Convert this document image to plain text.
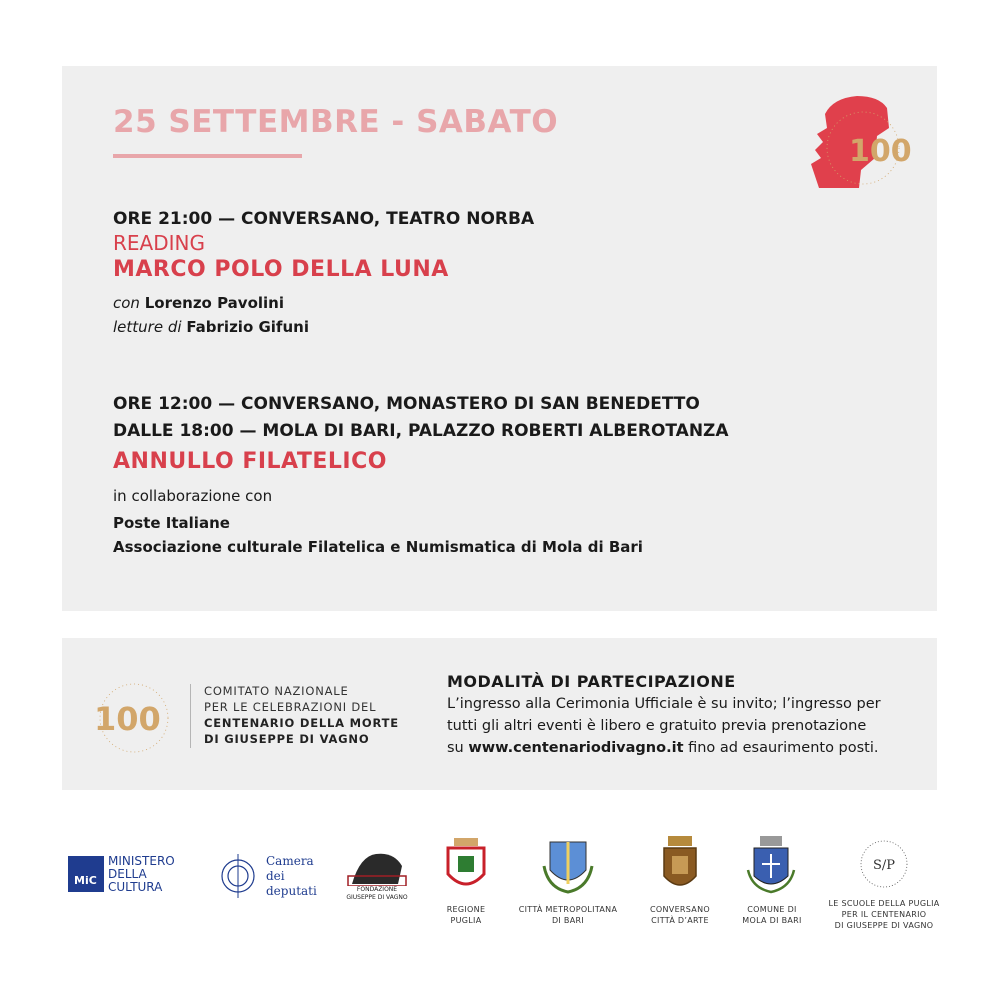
25 SETTEMBRE - SABATO
100
ORE 21:00 — CONVERSANO, TEATRO NORBA
READING
MARCO POLO DELLA LUNA
con Lorenzo Pavolini
letture di Fabrizio Gifuni
ORE 12:00 — CONVERSANO, MONASTERO DI SAN BENEDETTO
DALLE 18:00 — MOLA DI BARI, PALAZZO ROBERTI ALBEROTANZA
ANNULLO FILATELICO
in collaborazione con
Poste Italiane
Associazione culturale Filatelica e Numismatica di Mola di Bari
100
COMITATO NAZIONALE
PER LE CELEBRAZIONI DEL
CENTENARIO DELLA MORTE
DI GIUSEPPE DI VAGNO
MODALITÀ DI PARTECIPAZIONE
L’ingresso alla Cerimonia Ufficiale è su invito; l’ingresso per
tutti gli altri eventi è libero e gratuito previa prenotazione
su www.centenariodivagno.it fino ad esaurimento posti.
MiC
MINISTERO
DELLA
CULTURA
Camera
dei
deputati	FONDAZIONE
GIUSEPPE DI VAGNO
REGIONE
PUGLIA
CITTÀ METROPOLITANA
DI BARI
CONVERSANO
CITTÀ D’ARTE
COMUNE DI
MOLA DI BARI
S/P
LE SCUOLE DELLA PUGLIA
PER IL CENTENARIO
DI GIUSEPPE DI VAGNO
